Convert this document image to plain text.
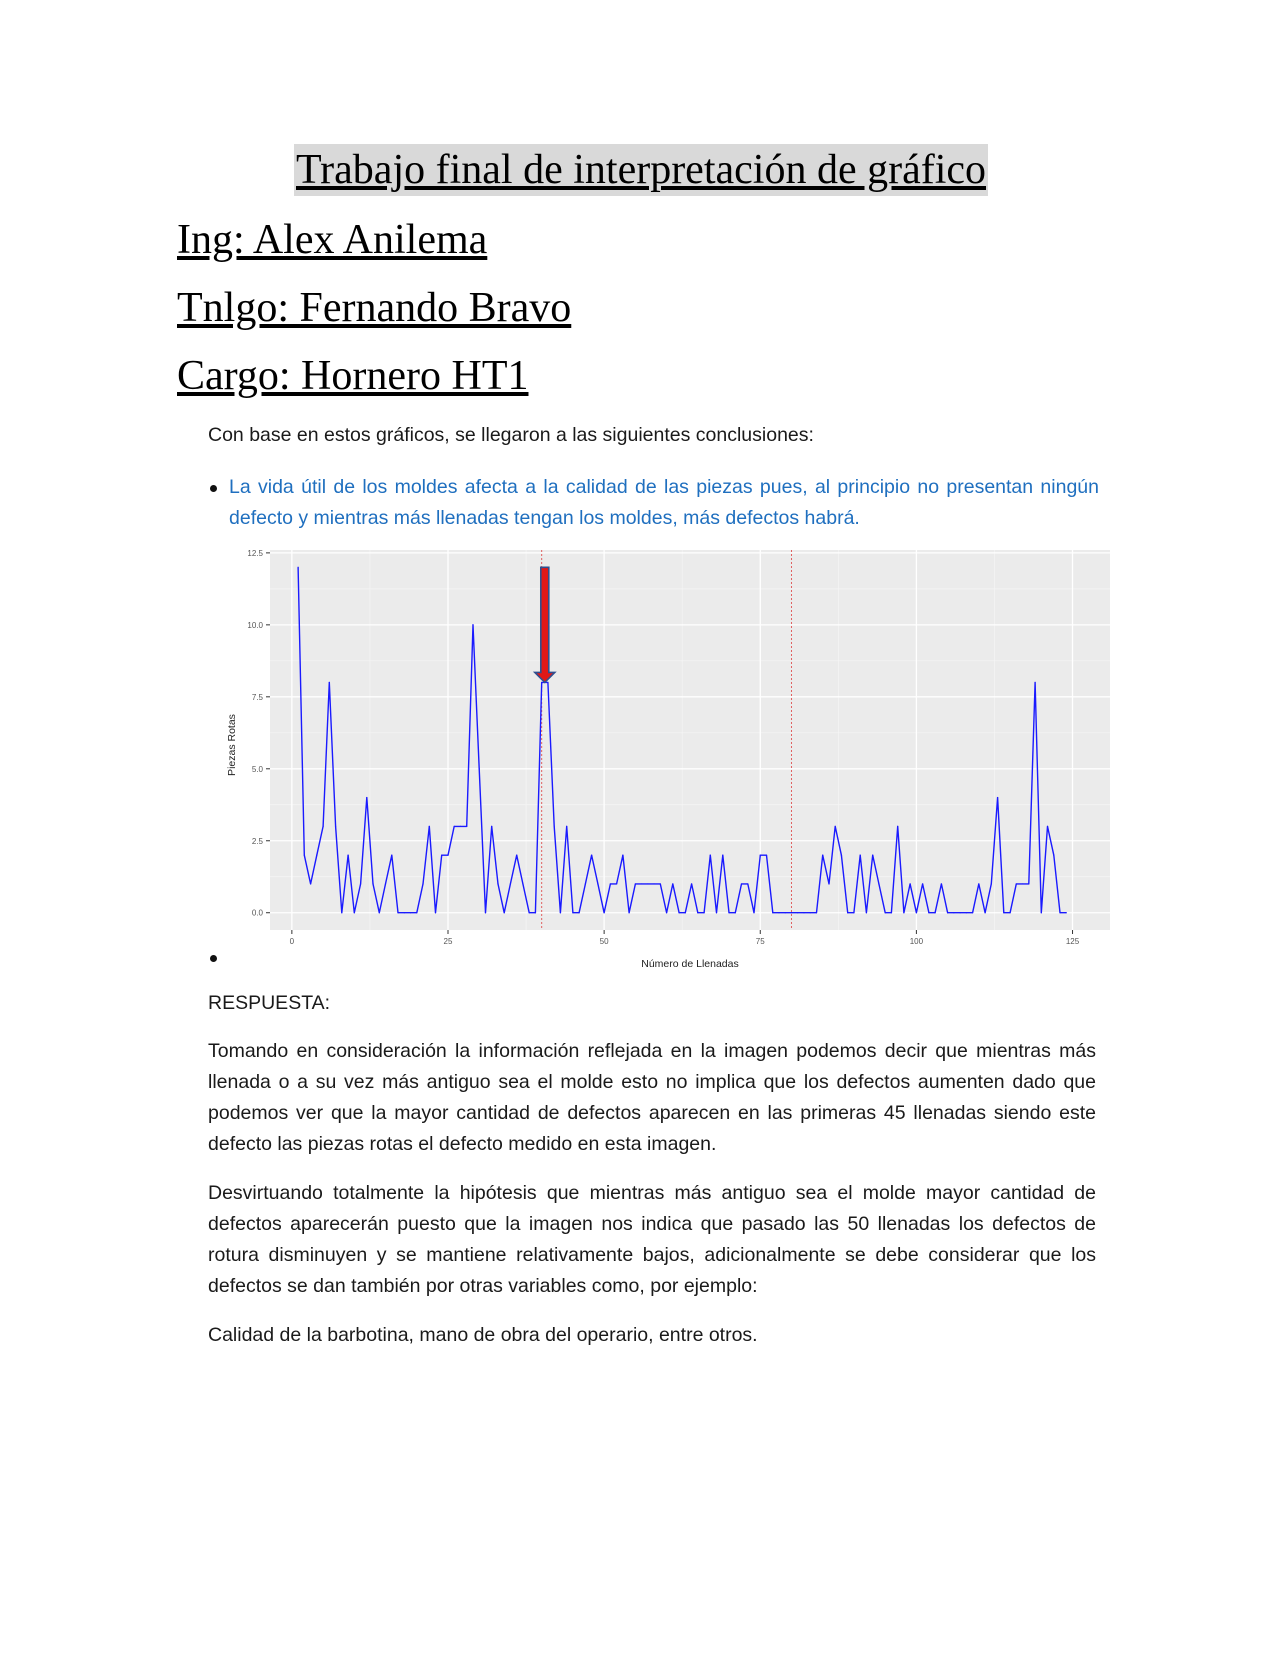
Trabajo final de interpretación de gráfico
Ing: Alex Anilema
Tnlgo: Fernando Bravo
Cargo: Hornero HT1
Con base en estos gráficos, se llegaron a las siguientes conclusiones:
La vida útil de los moldes afecta a la calidad de las piezas pues, al principio no presentan ningún defecto y mientras más llenadas tengan los moldes, más defectos habrá.
0.0
2.5
5.0
7.5
10.0
12.5
0	25	50	75	100	125
Número de Llenadas
Piezas Rotas
RESPUESTA:
Tomando en consideración la información reflejada en la imagen podemos decir que mientras más llenada o a su vez más antiguo sea el molde esto no implica que los defectos aumenten dado que podemos ver que la mayor cantidad de defectos aparecen en las primeras 45 llenadas siendo este defecto las piezas rotas el defecto medido en esta imagen.
Desvirtuando totalmente la hipótesis que mientras más antiguo sea el molde mayor cantidad de defectos aparecerán puesto que la imagen nos indica que pasado las 50 llenadas los defectos de rotura disminuyen y se mantiene relativamente bajos, adicionalmente se debe considerar que los defectos se dan también por otras variables como, por ejemplo:
Calidad de la barbotina, mano de obra del operario, entre otros.
